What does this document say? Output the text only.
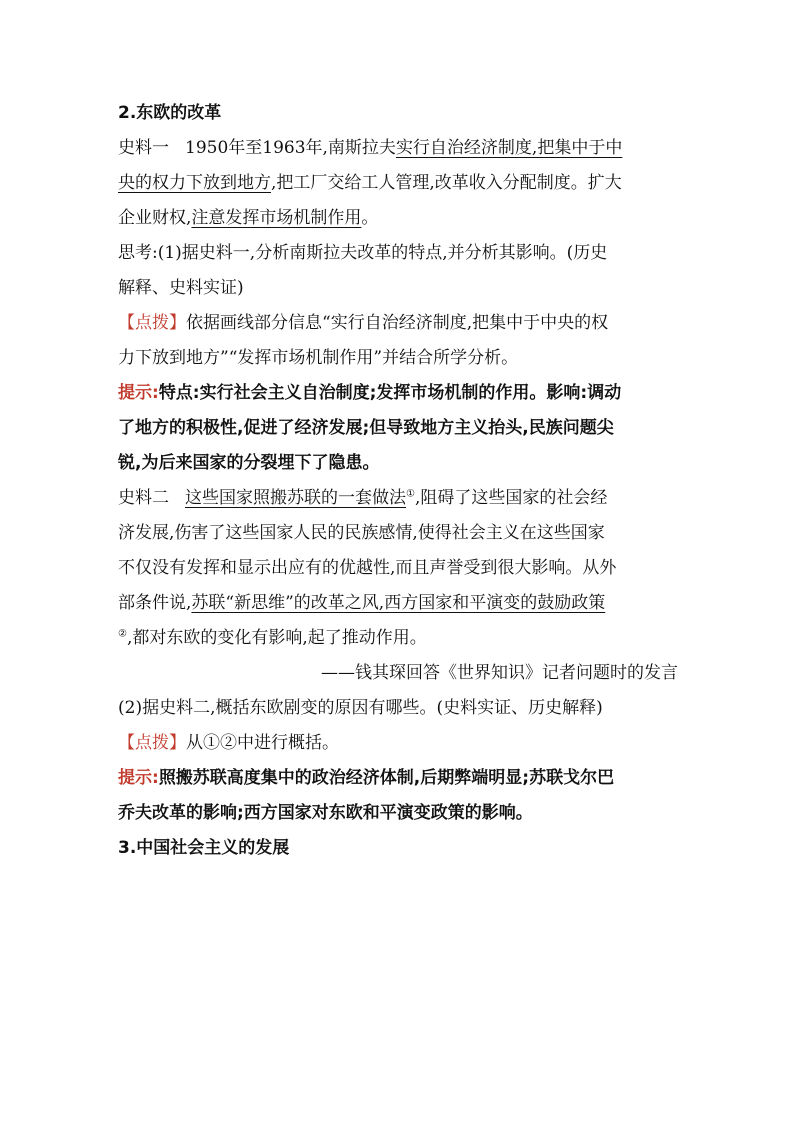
2.东欧的改革
史料一 1950年至1963年,南斯拉夫实行自治经济制度,把集中于中
央的权力下放到地方,把工厂交给工人管理,改革收入分配制度。扩大
企业财权,注意发挥市场机制作用。
思考:(1)据史料一,分析南斯拉夫改革的特点,并分析其影响。(历史
解释、史料实证)
【点拨】依据画线部分信息“实行自治经济制度,把集中于中央的权
力下放到地方”“发挥市场机制作用”并结合所学分析。
提示:特点:实行社会主义自治制度;发挥市场机制的作用。影响:调动
了地方的积极性,促进了经济发展;但导致地方主义抬头,民族问题尖
锐,为后来国家的分裂埋下了隐患。
史料二 这些国家照搬苏联的一套做法①,阻碍了这些国家的社会经
济发展,伤害了这些国家人民的民族感情,使得社会主义在这些国家
不仅没有发挥和显示出应有的优越性,而且声誉受到很大影响。从外
部条件说,苏联“新思维”的改革之风,西方国家和平演变的鼓励政策
②,都对东欧的变化有影响,起了推动作用。
——钱其琛回答《世界知识》记者问题时的发言
(2)据史料二,概括东欧剧变的原因有哪些。(史料实证、历史解释)
【点拨】从①②中进行概括。
提示:照搬苏联高度集中的政治经济体制,后期弊端明显;苏联戈尔巴
乔夫改革的影响;西方国家对东欧和平演变政策的影响。
3.中国社会主义的发展
